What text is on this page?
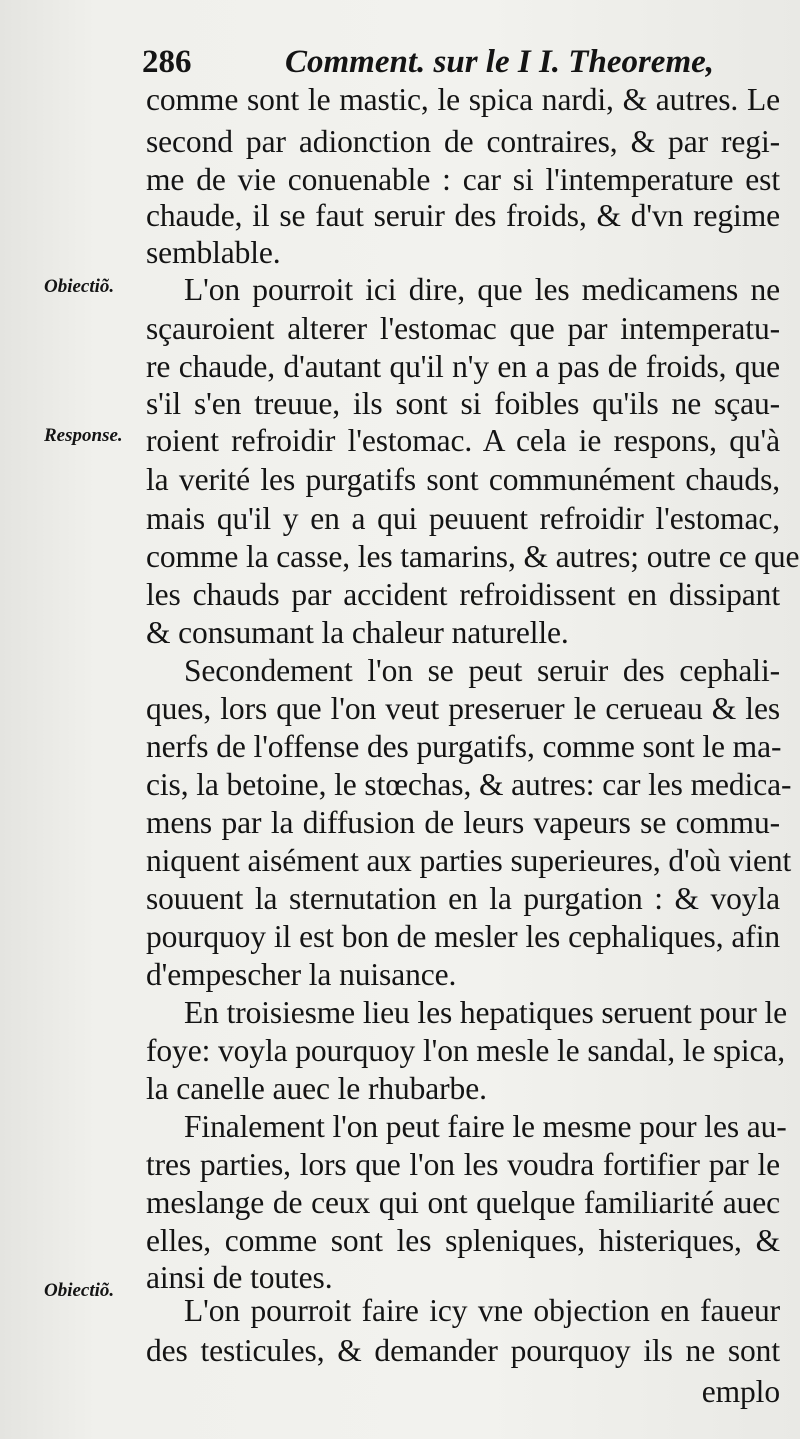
286	Comment. sur le I I. Theoreme,
Obiectiõ.
Response.
Obiectiõ.
comme sont le mastic, le spica nardi, & autres. Le
second par adionction de contraires, & par regi-
me de vie conuenable : car si l'intemperature est
chaude, il se faut seruir des froids, & d'vn regime
semblable.
L'on pourroit ici dire, que les medicamens ne
sçauroient alterer l'estomac que par intemperatu-
re chaude, d'autant qu'il n'y en a pas de froids, que
s'il s'en treuue, ils sont si foibles qu'ils ne sçau-
roient refroidir l'estomac. A cela ie respons, qu'à
la verité les purgatifs sont communément chauds,
mais qu'il y en a qui peuuent refroidir l'estomac,
comme la casse, les tamarins, & autres; outre ce que
les chauds par accident refroidissent en dissipant
& consumant la chaleur naturelle.
Secondement l'on se peut seruir des cephali-
ques, lors que l'on veut preseruer le cerueau & les
nerfs de l'offense des purgatifs, comme sont le ma-
cis, la betoine, le stœchas, & autres: car les medica-
mens par la diffusion de leurs vapeurs se commu-
niquent aisément aux parties superieures, d'où vient
souuent la sternutation en la purgation : & voyla
pourquoy il est bon de mesler les cephaliques, afin
d'empescher la nuisance.
En troisiesme lieu les hepatiques seruent pour le
foye: voyla pourquoy l'on mesle le sandal, le spica,
la canelle auec le rhubarbe.
Finalement l'on peut faire le mesme pour les au-
tres parties, lors que l'on les voudra fortifier par le
meslange de ceux qui ont quelque familiarité auec
elles, comme sont les spleniques, histeriques, &
ainsi de toutes.
L'on pourroit faire icy vne objection en faueur
des testicules, & demander pourquoy ils ne sont
emplo
